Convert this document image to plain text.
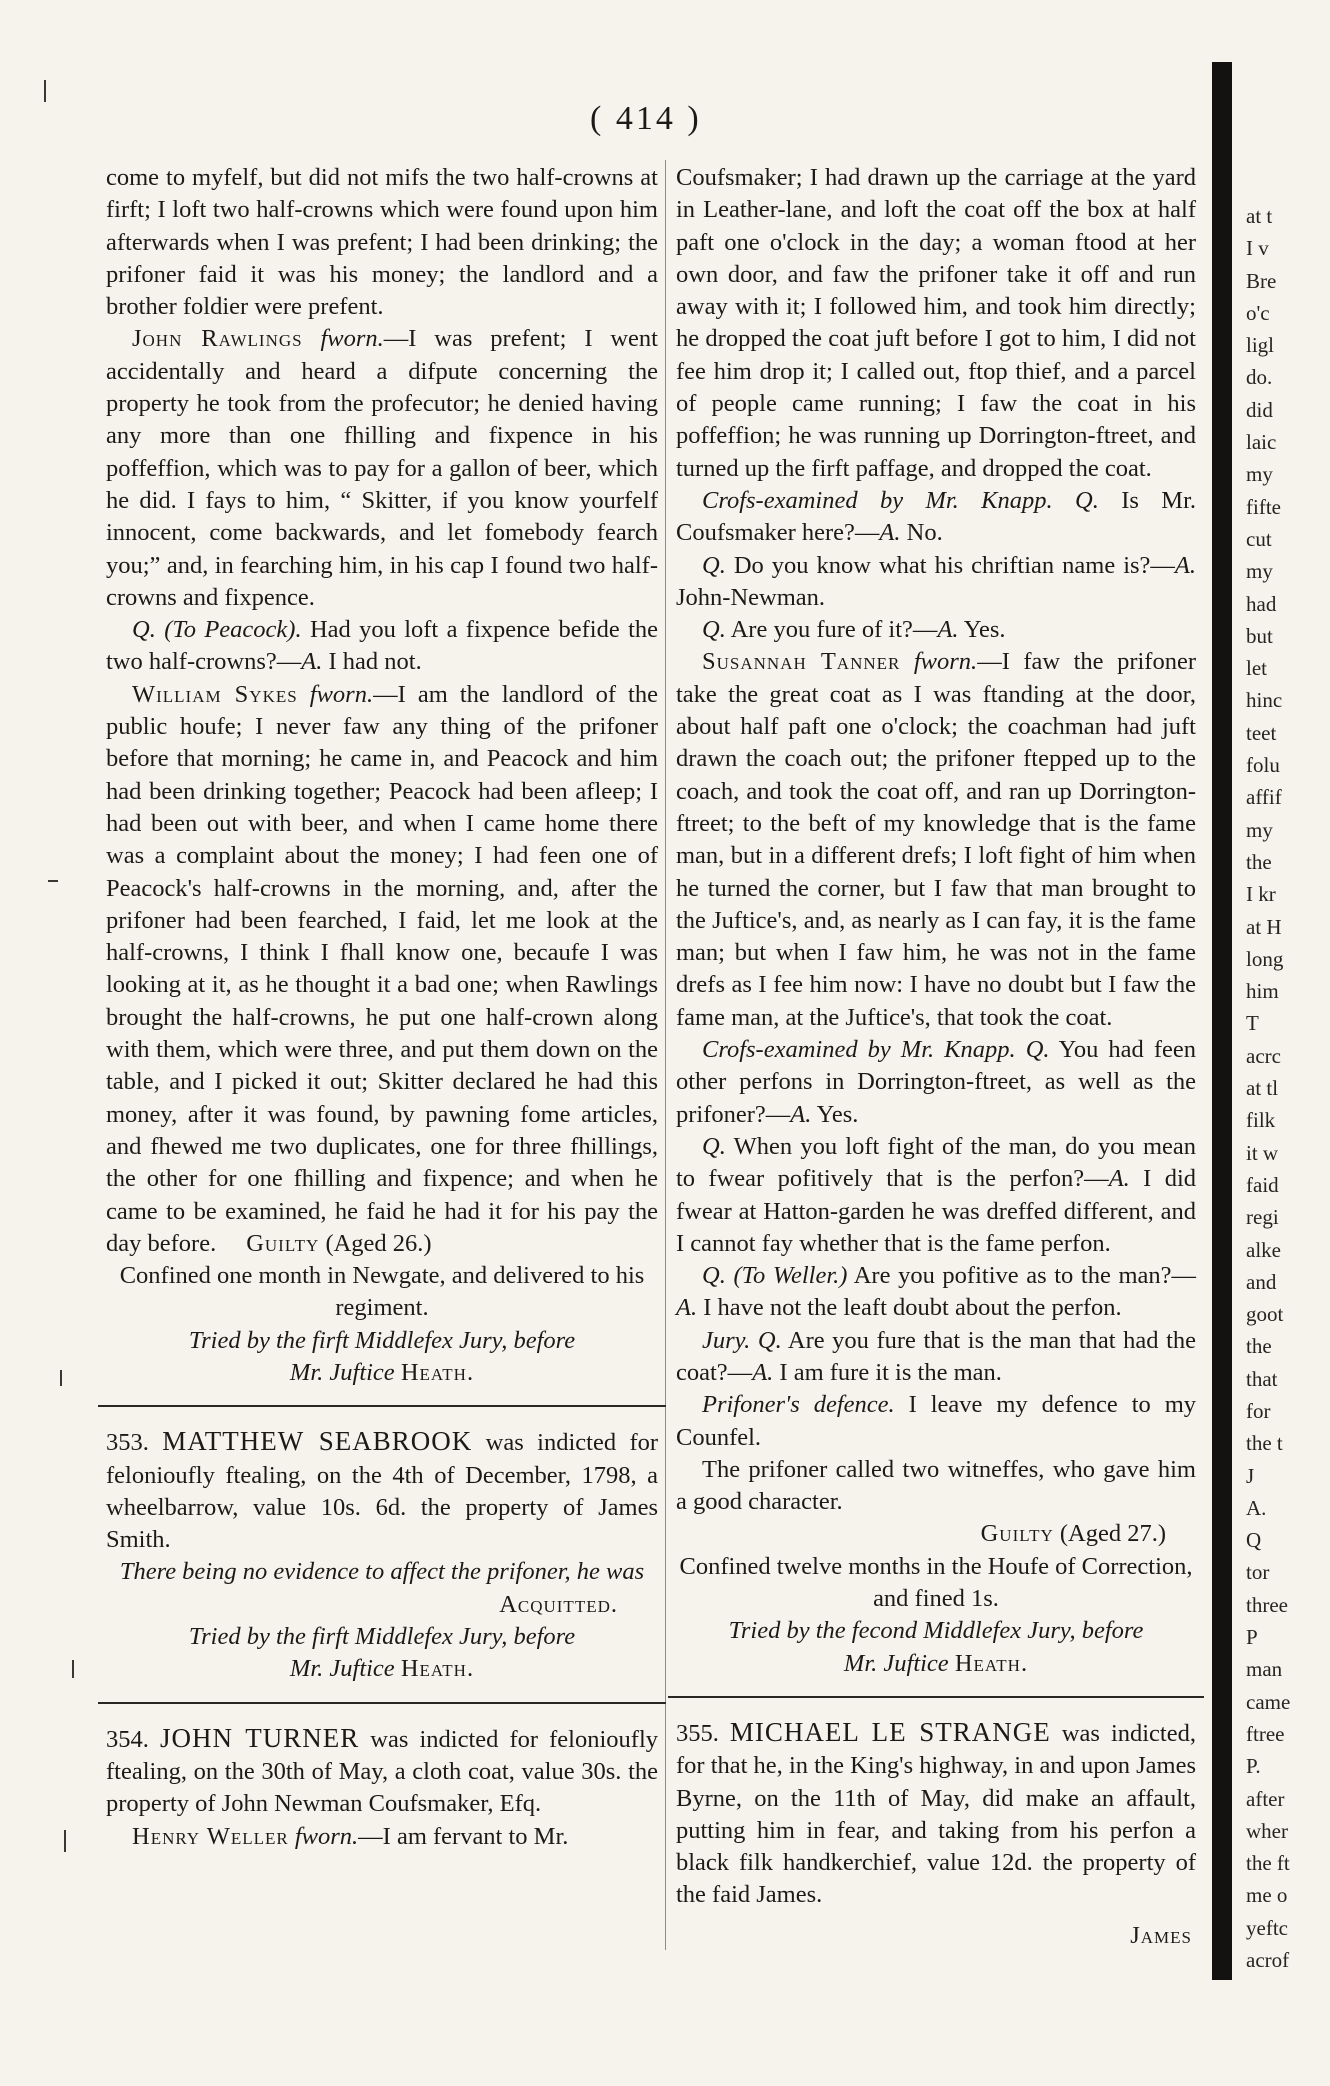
( 414 )

come to myfelf, but did not mifs the two half-crowns at firft; I loft two half-crowns which were found upon him afterwards when I was prefent; I had been drinking; the prifoner faid it was his money; the landlord and a brother foldier were prefent.

John Rawlings fworn.—I was prefent; I went accidentally and heard a difpute concerning the property he took from the profecutor; he denied having any more than one fhilling and fixpence in his poffeffion, which was to pay for a gallon of beer, which he did. I fays to him, “ Skitter, if you know yourfelf innocent, come backwards, and let fomebody fearch you;” and, in fearching him, in his cap I found two half-crowns and fixpence.

Q. (To Peacock). Had you loft a fixpence befide the two half-crowns?—A. I had not.

William Sykes fworn.—I am the landlord of the public houfe; I never faw any thing of the prifoner before that morning; he came in, and Peacock and him had been drinking together; Peacock had been afleep; I had been out with beer, and when I came home there was a complaint about the money; I had feen one of Peacock's half-crowns in the morning, and, after the prifoner had been fearched, I faid, let me look at the half-crowns, I think I fhall know one, becaufe I was looking at it, as he thought it a bad one; when Rawlings brought the half-crowns, he put one half-crown along with them, which were three, and put them down on the table, and I picked it out; Skitter declared he had this money, after it was found, by pawning fome articles, and fhewed me two duplicates, one for three fhillings, the other for one fhilling and fixpence; and when he came to be examined, he faid he had it for his pay the day before. Guilty (Aged 26.)

Confined one month in Newgate, and delivered to his regiment.

Tried by the firft Middlefex Jury, before

Mr. Juftice Heath.

353. MATTHEW SEABROOK was indicted for felonioufly ftealing, on the 4th of December, 1798, a wheelbarrow, value 10s. 6d. the property of James Smith.

There being no evidence to affect the prifoner, he was

Acquitted.

Tried by the firft Middlefex Jury, before

Mr. Juftice Heath.

354. JOHN TURNER was indicted for felonioufly ftealing, on the 30th of May, a cloth coat, value 30s. the property of John Newman Coufsmaker, Efq.

Henry Weller fworn.—I am fervant to Mr.

Coufsmaker; I had drawn up the carriage at the yard in Leather-lane, and loft the coat off the box at half paft one o'clock in the day; a woman ftood at her own door, and faw the prifoner take it off and run away with it; I followed him, and took him directly; he dropped the coat juft before I got to him, I did not fee him drop it; I called out, ftop thief, and a parcel of people came running; I faw the coat in his poffeffion; he was running up Dorrington-ftreet, and turned up the firft paffage, and dropped the coat.

Crofs-examined by Mr. Knapp. Q. Is Mr. Coufsmaker here?—A. No.

Q. Do you know what his chriftian name is?—A. John-Newman.

Q. Are you fure of it?—A. Yes.

Susannah Tanner fworn.—I faw the prifoner take the great coat as I was ftanding at the door, about half paft one o'clock; the coachman had juft drawn the coach out; the prifoner ftepped up to the coach, and took the coat off, and ran up Dorrington-ftreet; to the beft of my knowledge that is the fame man, but in a different drefs; I loft fight of him when he turned the corner, but I faw that man brought to the Juftice's, and, as nearly as I can fay, it is the fame man; but when I faw him, he was not in the fame drefs as I fee him now: I have no doubt but I faw the fame man, at the Juftice's, that took the coat.

Crofs-examined by Mr. Knapp. Q. You had feen other perfons in Dorrington-ftreet, as well as the prifoner?—A. Yes.

Q. When you loft fight of the man, do you mean to fwear pofitively that is the perfon?—A. I did fwear at Hatton-garden he was dreffed different, and I cannot fay whether that is the fame perfon.

Q. (To Weller.) Are you pofitive as to the man?—A. I have not the leaft doubt about the perfon.

Jury. Q. Are you fure that is the man that had the coat?—A. I am fure it is the man.

Prifoner's defence. I leave my defence to my Counfel.

The prifoner called two witneffes, who gave him a good character.

Guilty (Aged 27.)

Confined twelve months in the Houfe of Correction, and fined 1s.

Tried by the fecond Middlefex Jury, before

Mr. Juftice Heath.

355. MICHAEL LE STRANGE was indicted, for that he, in the King's highway, in and upon James Byrne, on the 11th of May, did make an affault, putting him in fear, and taking from his perfon a black filk handkerchief, value 12d. the property of the faid James.

James

at t
I v
Bre
o'c
ligl
do.
did
laic
my
fifte
cut
my
had
but
let
hinc
teet
folu
affif
my
the
I kr
at H
long
him
T
acrc
at tl
filk
it w
faid
regi
alke
and
goot
the
that
for
the t
J
A.
Q
tor
three
P
man
came
ftree
P.
after
wher
the ft
me o
yeftc
acrof
